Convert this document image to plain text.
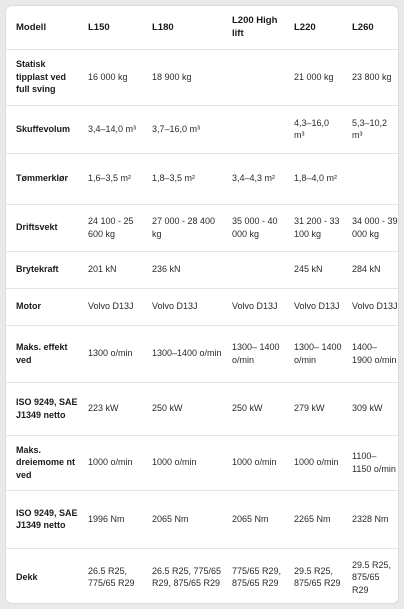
Modell	L150	L180	L200 High lift	L220	L260
Statisk tipplast ved full sving	16 000 kg	18 900 kg		21 000 kg	23 800 kg
Skuffevolum	3,4–14,0 m³	3,7–16,0 m³		4,3–16,0 m³	5,3–10,2 m³
Tømmerklør	1,6–3,5 m²	1,8–3,5 m²	3,4–4,3 m²	1,8–4,0 m²	
Driftsvekt	24 100 - 25 600 kg	27 000 - 28 400 kg	35 000 - 40 000 kg	31 200 - 33 100 kg	34 000 - 39 000 kg
Brytekraft	201 kN	236 kN		245 kN	284 kN
Motor	Volvo D13J	Volvo D13J	Volvo D13J	Volvo D13J	Volvo D13J
Maks. effekt ved	1300 o/min	1300–1400 o/min	1300– 1400 o/min	1300– 1400 o/min	1400– 1900 o/min
ISO 9249, SAE J1349 netto	223 kW	250 kW	250 kW	279 kW	309 kW
Maks. dreiemome nt ved	1000 o/min	1000 o/min	1000 o/min	1000 o/min	1100– 1150 o/min
ISO 9249, SAE J1349 netto	1996 Nm	2065 Nm	2065 Nm	2265 Nm	2328 Nm
Dekk	26.5 R25, 775/65 R29	26.5 R25, 775/65 R29, 875/65 R29	775/65 R29, 875/65 R29	29.5 R25, 875/65 R29	29.5 R25, 875/65 R29
